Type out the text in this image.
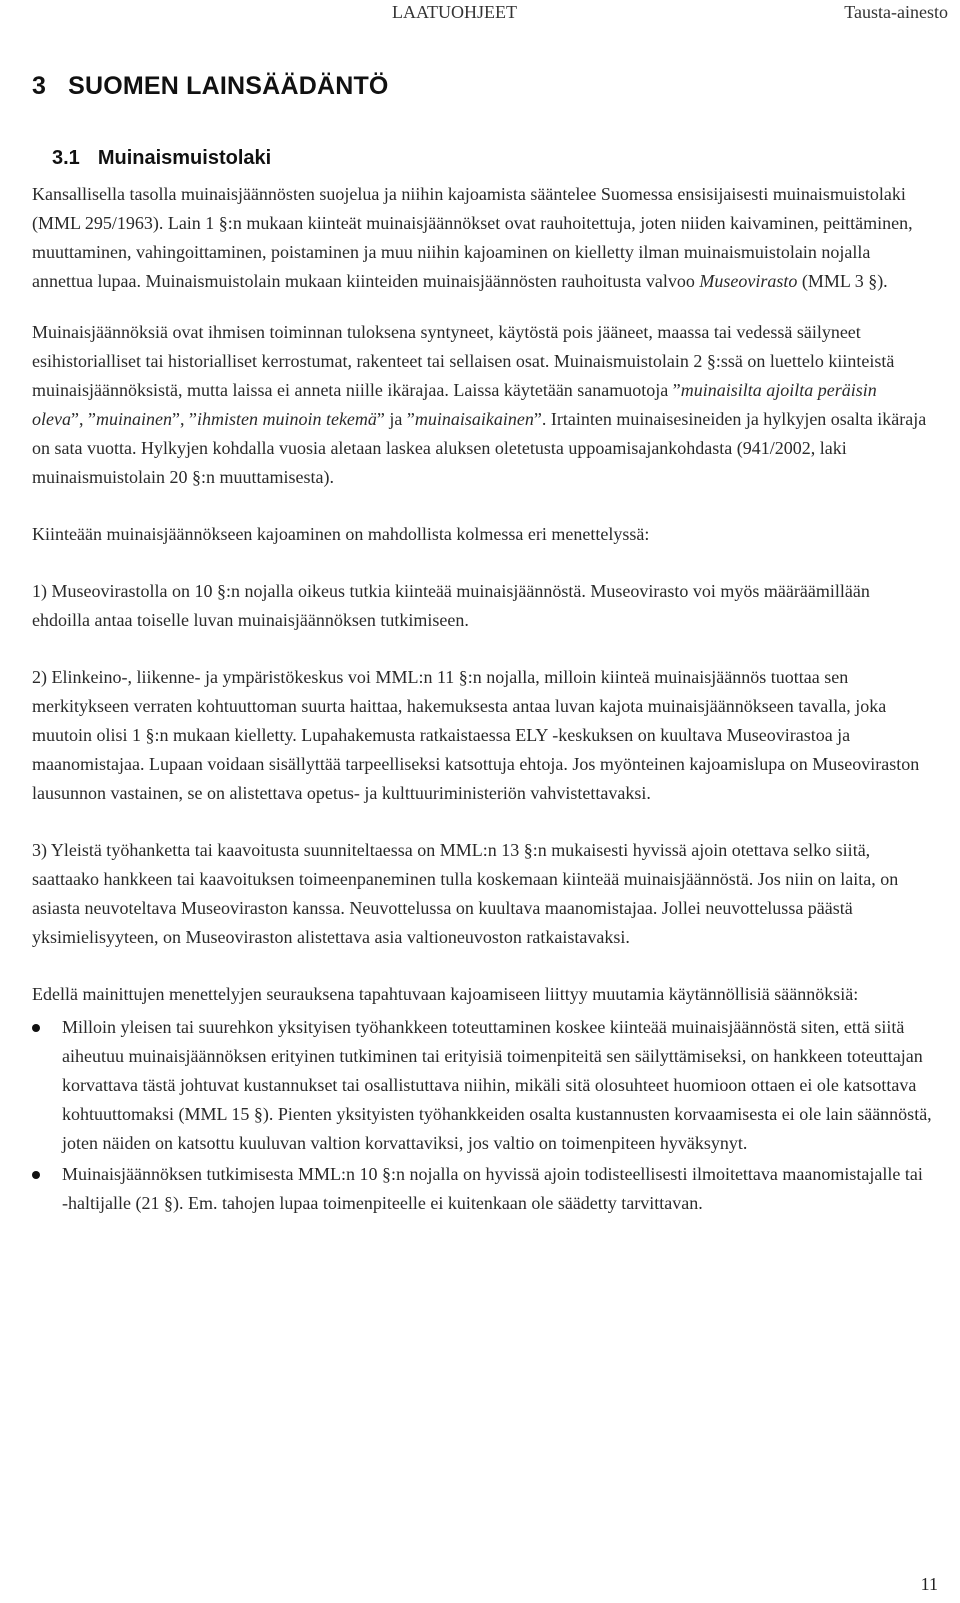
LAATUOHJEET	Tausta-ainesto
3 SUOMEN LAINSÄÄDÄNTÖ
3.1 Muinaismuistolaki

Kansallisella tasolla muinaisjäännösten suojelua ja niihin kajoamista sääntelee Suomessa ensisijaisesti muinaismuistolaki (MML 295/1963). Lain 1 §:n mukaan kiinteät muinaisjäännökset ovat rauhoitettuja, joten niiden kaivaminen, peittäminen, muuttaminen, vahingoittaminen, poistaminen ja muu niihin kajoaminen on kielletty ilman muinaismuistolain nojalla annettua lupaa. Muinaismuistolain mukaan kiinteiden muinaisjäännösten rauhoitusta valvoo Museovirasto (MML 3 §).

Muinaisjäännöksiä ovat ihmisen toiminnan tuloksena syntyneet, käytöstä pois jääneet, maassa tai vedessä säilyneet esihistorialliset tai historialliset kerrostumat, rakenteet tai sellaisen osat. Muinaismuistolain 2 §:ssä on luettelo kiinteistä muinaisjäännöksistä, mutta laissa ei anneta niille ikärajaa. Laissa käytetään sanamuotoja ”muinaisilta ajoilta peräisin oleva”, ”muinainen”, ”ihmisten muinoin tekemä” ja ”muinaisaikainen”. Irtainten muinaisesineiden ja hylkyjen osalta ikäraja on sata vuotta. Hylkyjen kohdalla vuosia aletaan laskea aluksen oletetusta uppoamisajankohdasta (941/2002, laki muinaismuistolain 20 §:n muuttamisesta).

Kiinteään muinaisjäännökseen kajoaminen on mahdollista kolmessa eri menettelyssä:

1) Museovirastolla on 10 §:n nojalla oikeus tutkia kiinteää muinaisjäännöstä. Museovirasto voi myös määräämillään ehdoilla antaa toiselle luvan muinaisjäännöksen tutkimiseen.

2) Elinkeino-, liikenne- ja ympäristökeskus voi MML:n 11 §:n nojalla, milloin kiinteä muinaisjäännös tuottaa sen merkitykseen verraten kohtuuttoman suurta haittaa, hakemuksesta antaa luvan kajota muinaisjäännökseen tavalla, joka muutoin olisi 1 §:n mukaan kielletty. Lupahakemusta ratkaistaessa ELY -keskuksen on kuultava Museovirastoa ja maanomistajaa. Lupaan voidaan sisällyttää tarpeelliseksi katsottuja ehtoja. Jos myönteinen kajoamislupa on Museoviraston lausunnon vastainen, se on alistettava opetus- ja kulttuuriministeriön vahvistettavaksi.

3) Yleistä työhanketta tai kaavoitusta suunniteltaessa on MML:n 13 §:n mukaisesti hyvissä ajoin otettava selko siitä, saattaako hankkeen tai kaavoituksen toimeenpaneminen tulla koskemaan kiinteää muinaisjäännöstä. Jos niin on laita, on asiasta neuvoteltava Museoviraston kanssa. Neuvottelussa on kuultava maanomistajaa. Jollei neuvottelussa päästä yksimielisyyteen, on Museoviraston alistettava asia valtioneuvoston ratkaistavaksi.

Edellä mainittujen menettelyjen seurauksena tapahtuvaan kajoamiseen liittyy muutamia käytännöllisiä säännöksiä:

Milloin yleisen tai suurehkon yksityisen työhankkeen toteuttaminen koskee kiinteää muinaisjäännöstä siten, että siitä aiheutuu muinaisjäännöksen erityinen tutkiminen tai erityisiä toimenpiteitä sen säilyttämiseksi, on hankkeen toteuttajan korvattava tästä johtuvat kustannukset tai osallistuttava niihin, mikäli sitä olosuhteet huomioon ottaen ei ole katsottava kohtuuttomaksi (MML 15 §). Pienten yksityisten työhankkeiden osalta kustannusten korvaamisesta ei ole lain säännöstä, joten näiden on katsottu kuuluvan valtion korvattaviksi, jos valtio on toimenpiteen hyväksynyt.
Muinaisjäännöksen tutkimisesta MML:n 10 §:n nojalla on hyvissä ajoin todisteellisesti ilmoitettava maanomistajalle tai -haltijalle (21 §). Em. tahojen lupaa toimenpiteelle ei kuitenkaan ole säädetty tarvittavan.
11
